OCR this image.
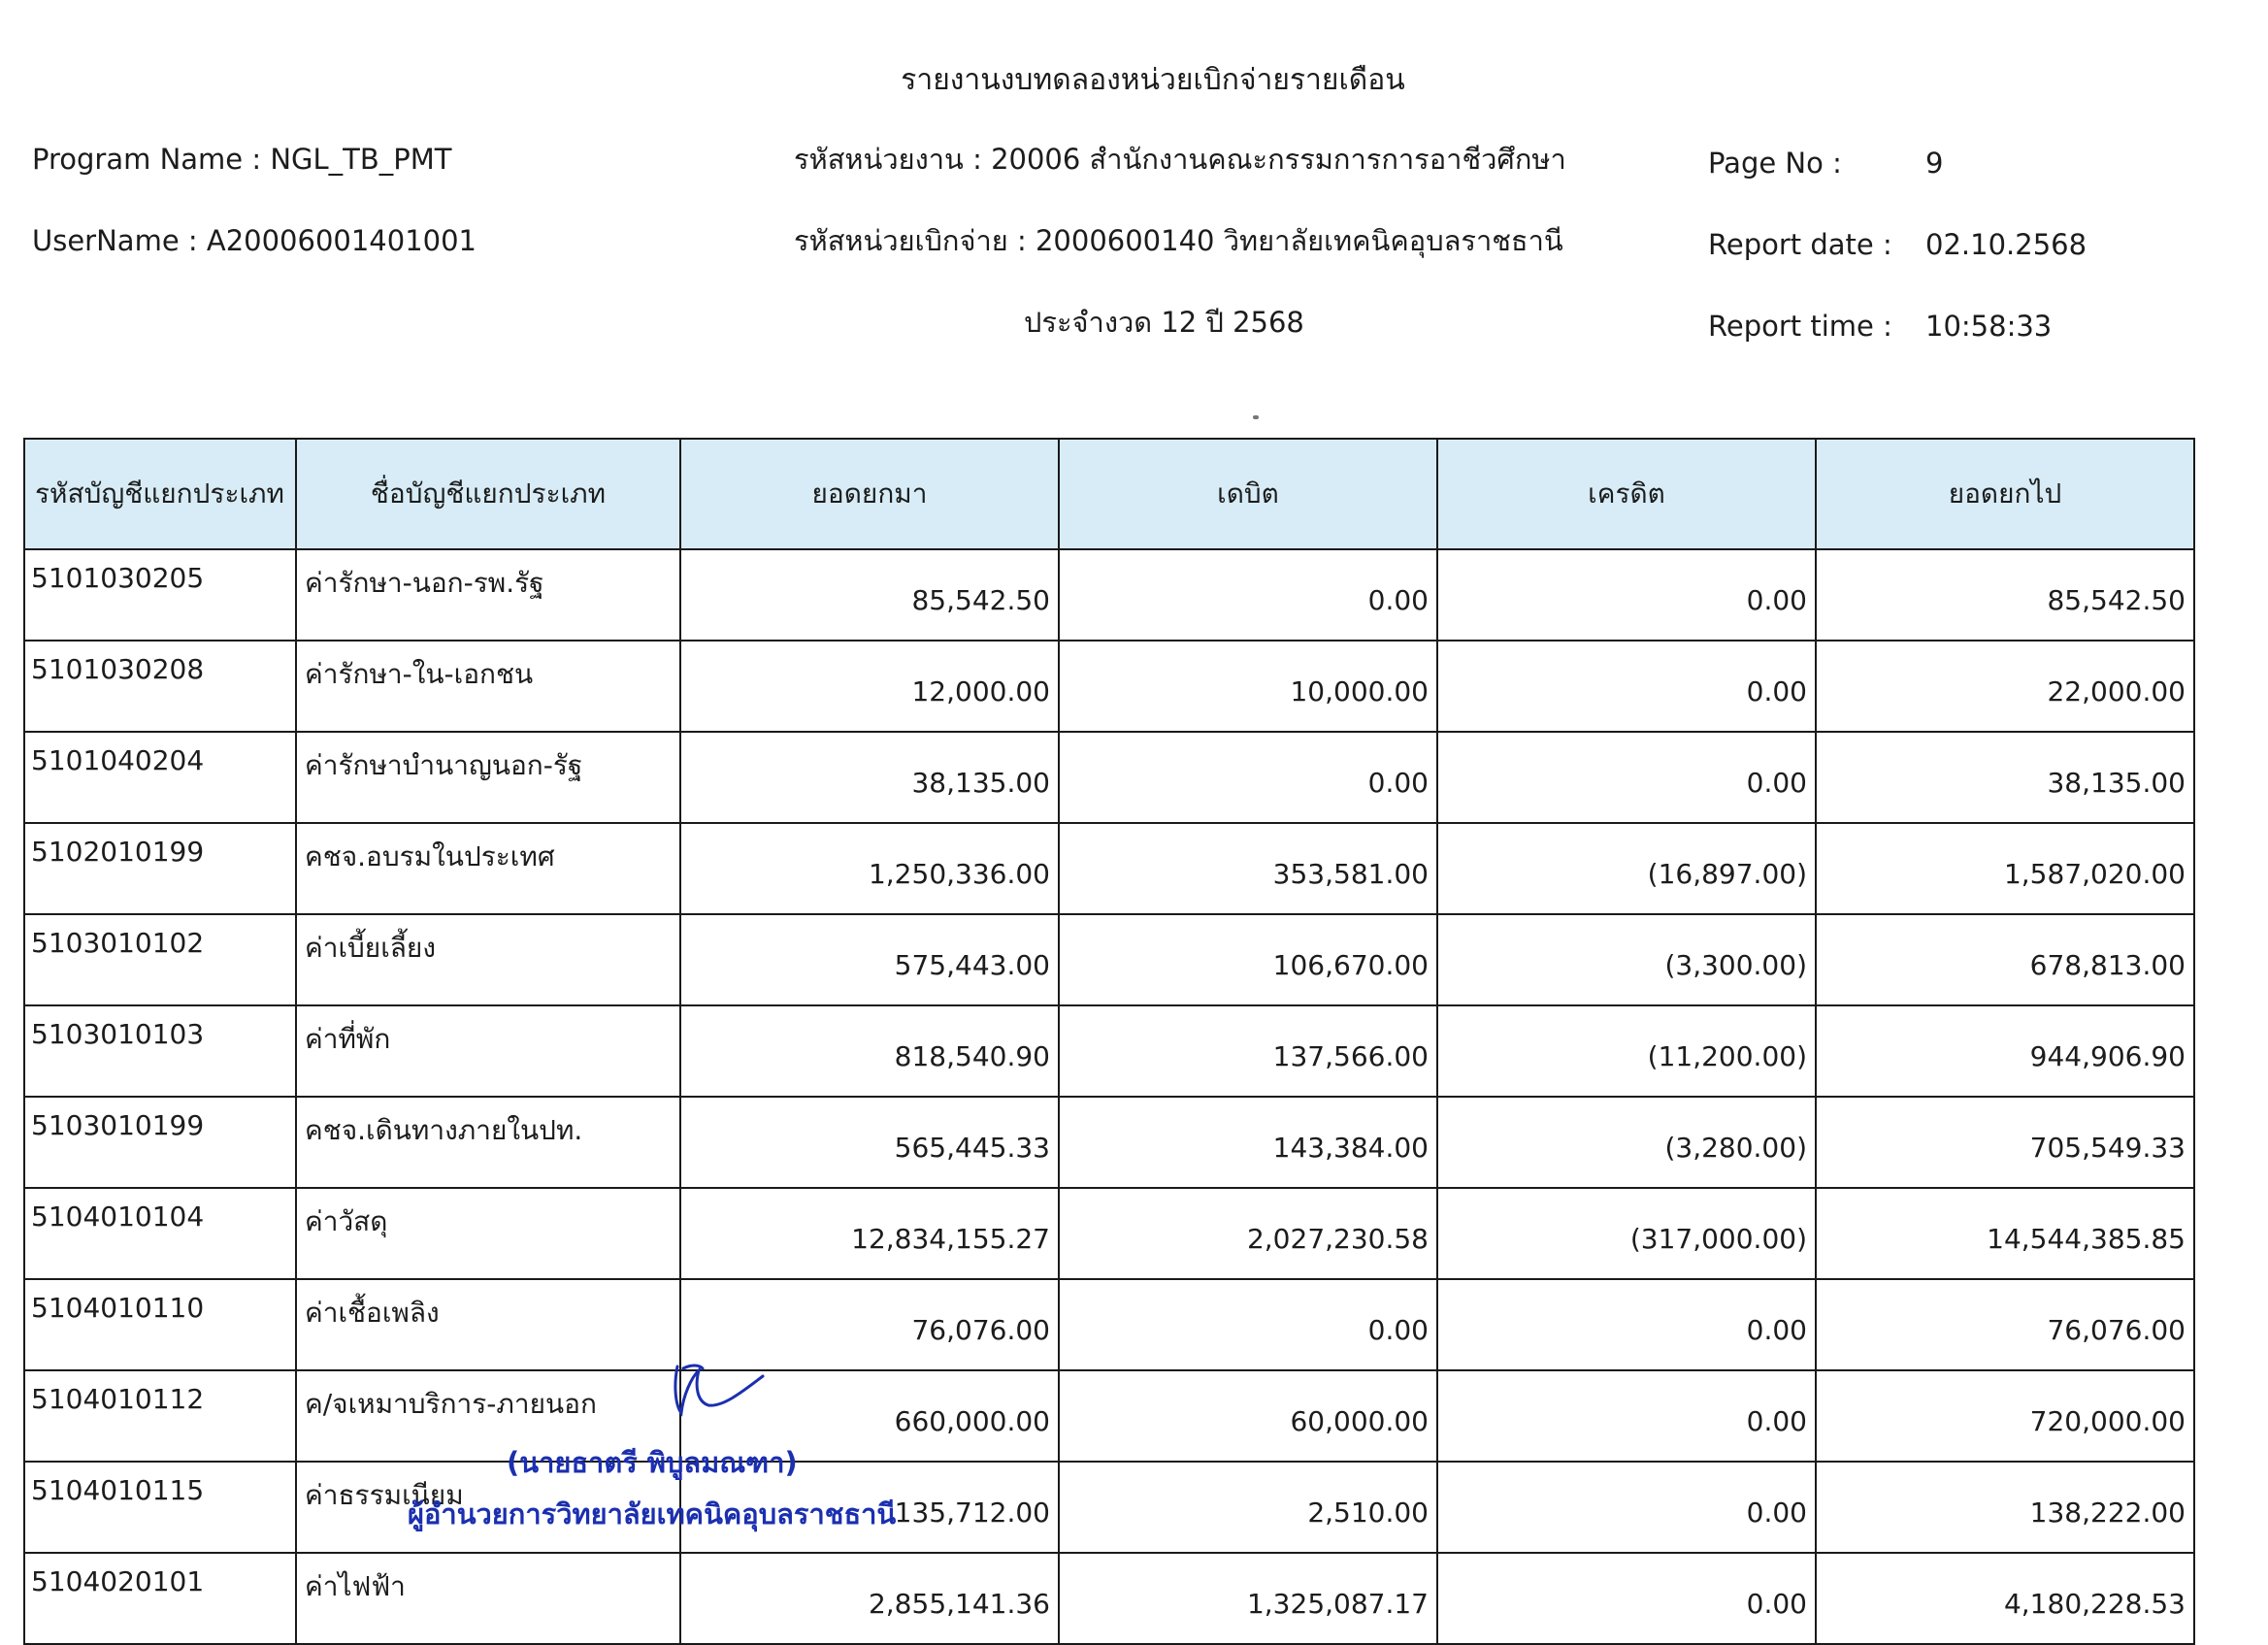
รายงานงบทดลองหน่วยเบิกจ่ายรายเดือน
Program Name : NGL_TB_PMT
UserName : A20006001401001
รหัสหน่วยงาน : 20006 สำนักงานคณะกรรมการการอาชีวศึกษา
รหัสหน่วยเบิกจ่าย : 2000600140 วิทยาลัยเทคนิคอุบลราชธานี
ประจำงวด 12 ปี 2568
Page No :	9
Report date : 02.10.2568
Report time : 10:58:33
รหัสบัญชีแยกประเภท	ชื่อบัญชีแยกประเภท	ยอดยกมา	เดบิต	เครดิต	ยอดยกไป
5101030205	ค่ารักษา-นอก-รพ.รัฐ	85,542.50	0.00	0.00	85,542.50
5101030208	ค่ารักษา-ใน-เอกชน	12,000.00	10,000.00	0.00	22,000.00
5101040204	ค่ารักษาบำนาญนอก-รัฐ	38,135.00	0.00	0.00	38,135.00
5102010199	คชจ.อบรมในประเทศ	1,250,336.00	353,581.00	(16,897.00)	1,587,020.00
5103010102	ค่าเบี้ยเลี้ยง	575,443.00	106,670.00	(3,300.00)	678,813.00
5103010103	ค่าที่พัก	818,540.90	137,566.00	(11,200.00)	944,906.90
5103010199	คชจ.เดินทางภายในปท.	565,445.33	143,384.00	(3,280.00)	705,549.33
5104010104	ค่าวัสดุ	12,834,155.27	2,027,230.58	(317,000.00)	14,544,385.85
5104010110	ค่าเชื้อเพลิง	76,076.00	0.00	0.00	76,076.00
5104010112	ค/จเหมาบริการ-ภายนอก	660,000.00	60,000.00	0.00	720,000.00
5104010115	ค่าธรรมเนียม	135,712.00	2,510.00	0.00	138,222.00
5104020101	ค่าไฟฟ้า	2,855,141.36	1,325,087.17	0.00	4,180,228.53
(นายธาตรี พิบูลมณฑา)
ผู้อำนวยการวิทยาลัยเทคนิคอุบลราชธานี
